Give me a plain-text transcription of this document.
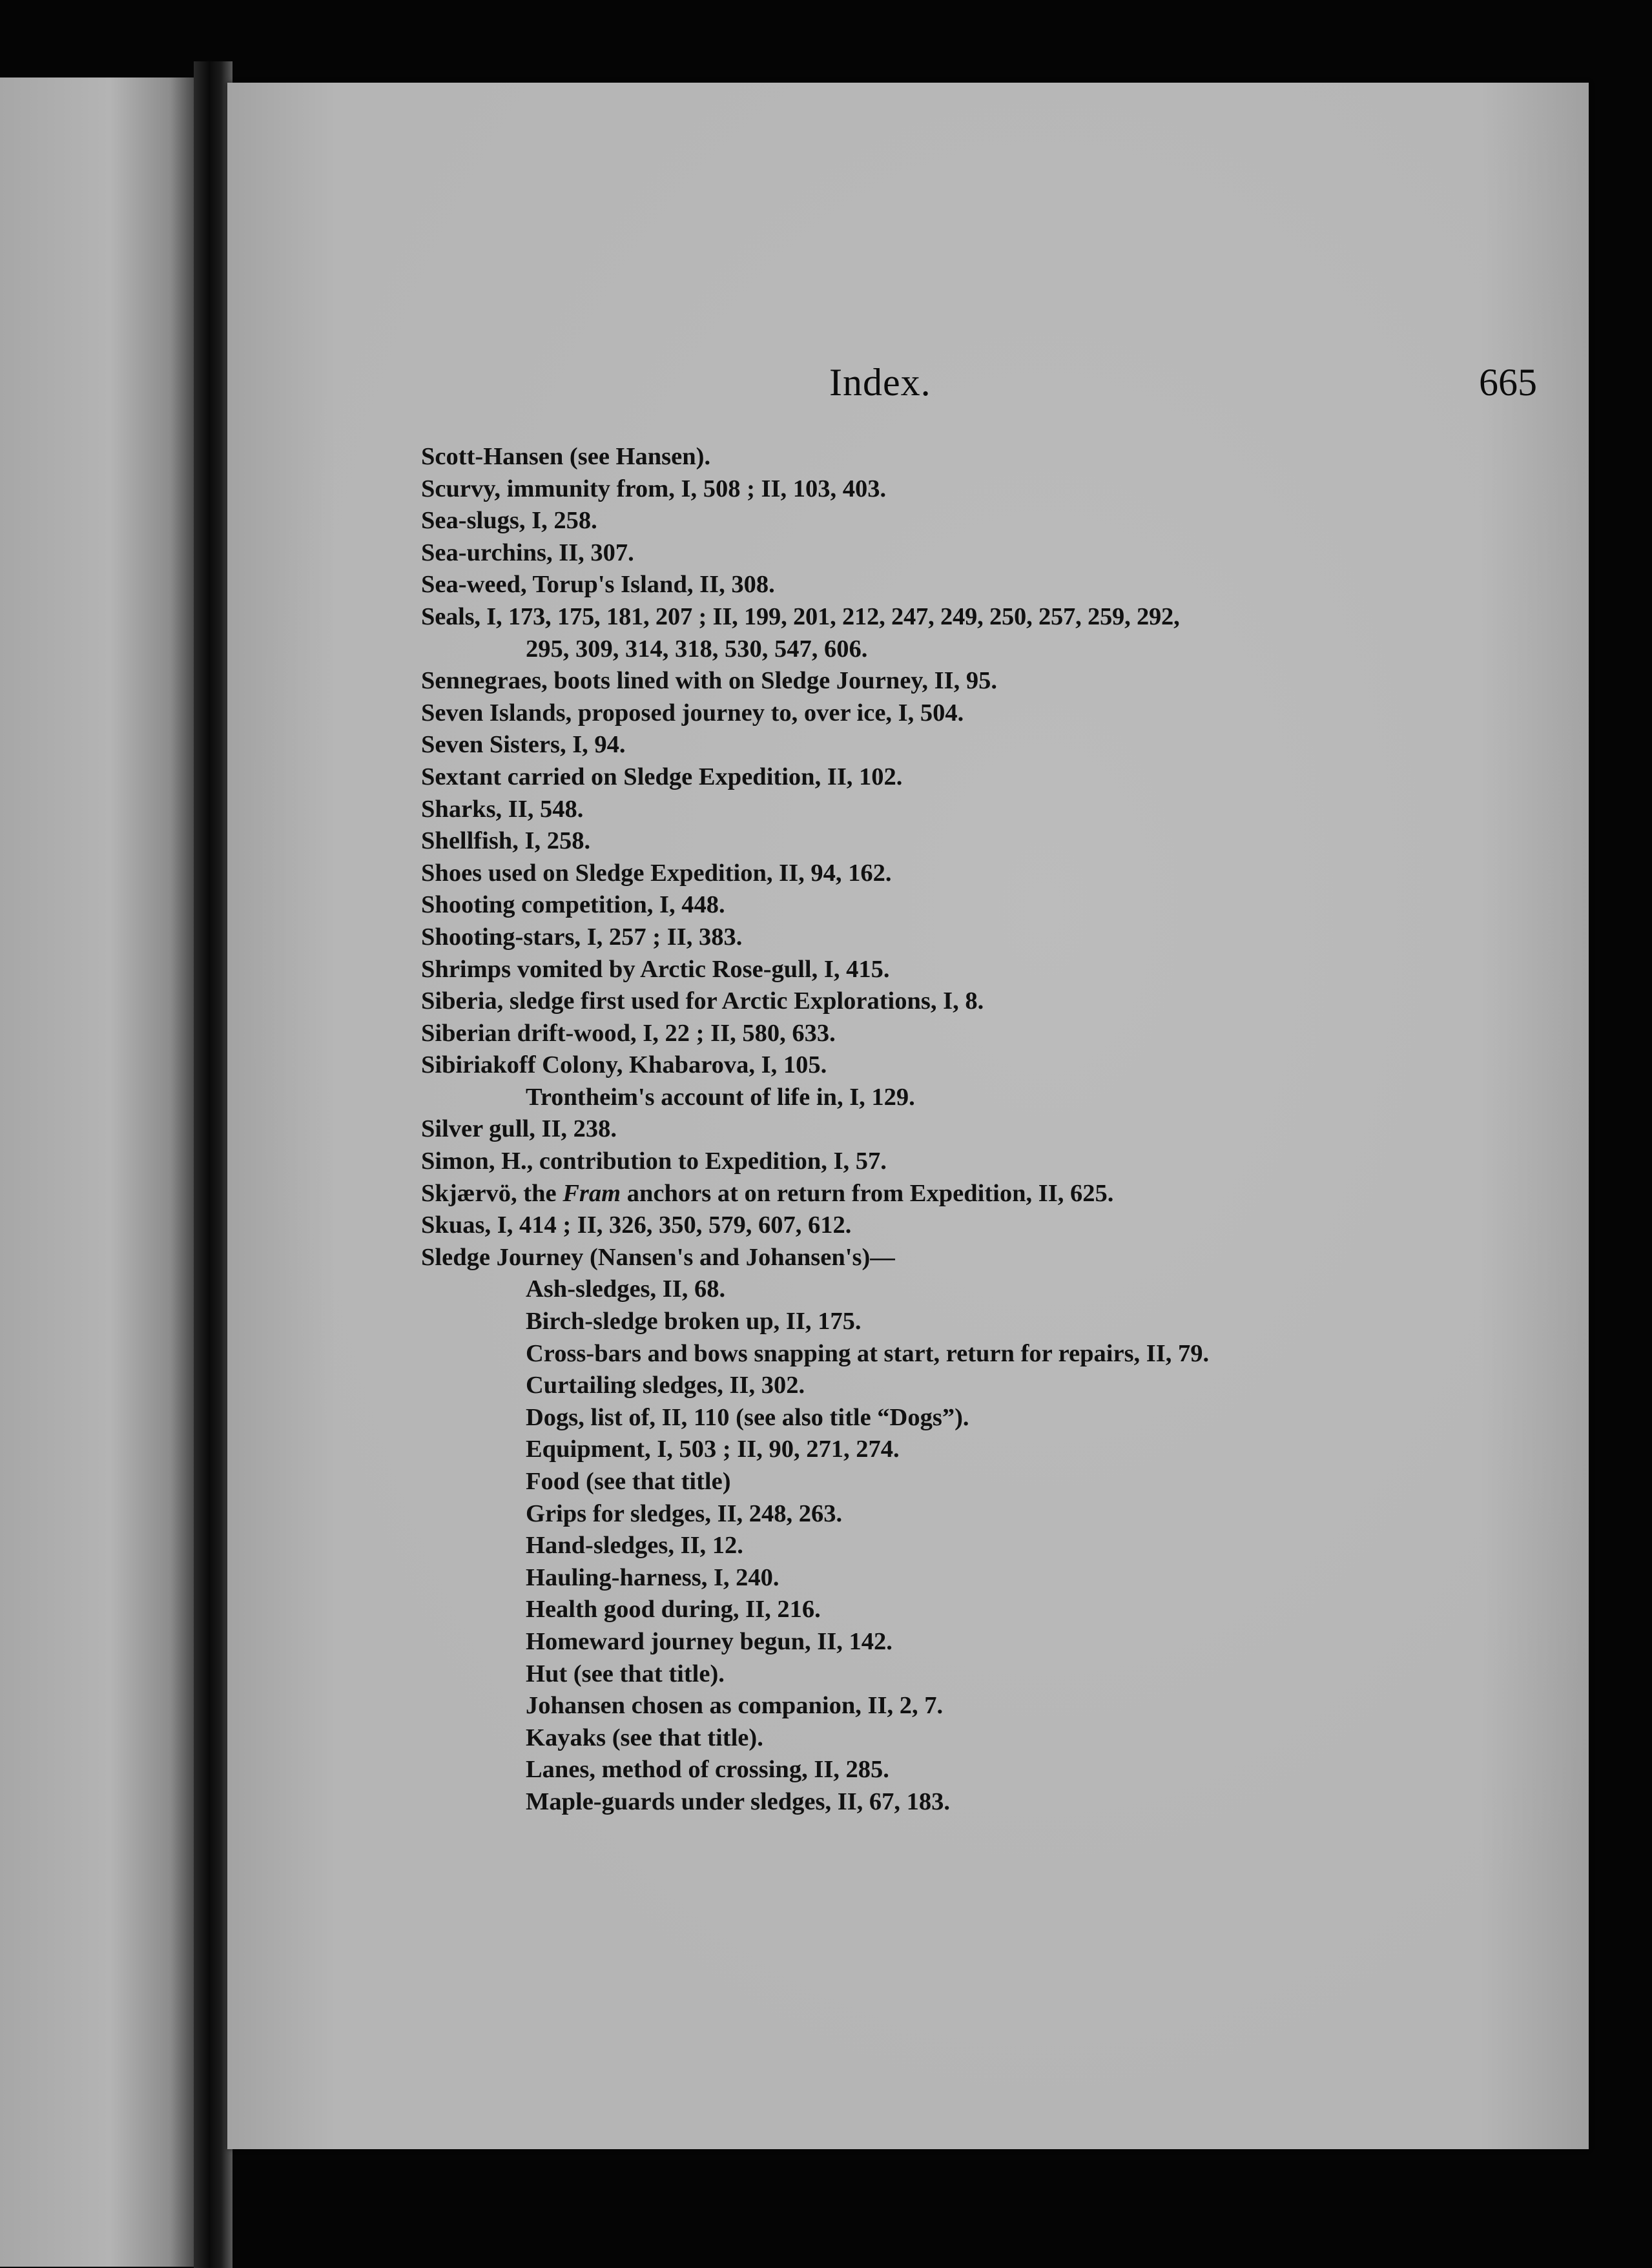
Index.	665
Scott-Hansen (see Hansen).
Scurvy, immunity from, I, 508 ; II, 103, 403.
Sea-slugs, I, 258.
Sea-urchins, II, 307.
Sea-weed, Torup's Island, II, 308.
Seals, I, 173, 175, 181, 207 ; II, 199, 201, 212, 247, 249, 250, 257, 259, 292,
295, 309, 314, 318, 530, 547, 606.
Sennegraes, boots lined with on Sledge Journey, II, 95.
Seven Islands, proposed journey to, over ice, I, 504.
Seven Sisters, I, 94.
Sextant carried on Sledge Expedition, II, 102.
Sharks, II, 548.
Shellfish, I, 258.
Shoes used on Sledge Expedition, II, 94, 162.
Shooting competition, I, 448.
Shooting-stars, I, 257 ; II, 383.
Shrimps vomited by Arctic Rose-gull, I, 415.
Siberia, sledge first used for Arctic Explorations, I, 8.
Siberian drift-wood, I, 22 ; II, 580, 633.
Sibiriakoff Colony, Khabarova, I, 105.
Trontheim's account of life in, I, 129.
Silver gull, II, 238.
Simon, H., contribution to Expedition, I, 57.
Skjærvö, the Fram anchors at on return from Expedition, II, 625.
Skuas, I, 414 ; II, 326, 350, 579, 607, 612.
Sledge Journey (Nansen's and Johansen's)—
Ash-sledges, II, 68.
Birch-sledge broken up, II, 175.
Cross-bars and bows snapping at start, return for repairs, II, 79.
Curtailing sledges, II, 302.
Dogs, list of, II, 110 (see also title “Dogs”).
Equipment, I, 503 ; II, 90, 271, 274.
Food (see that title)
Grips for sledges, II, 248, 263.
Hand-sledges, II, 12.
Hauling-harness, I, 240.
Health good during, II, 216.
Homeward journey begun, II, 142.
Hut (see that title).
Johansen chosen as companion, II, 2, 7.
Kayaks (see that title).
Lanes, method of crossing, II, 285.
Maple-guards under sledges, II, 67, 183.
